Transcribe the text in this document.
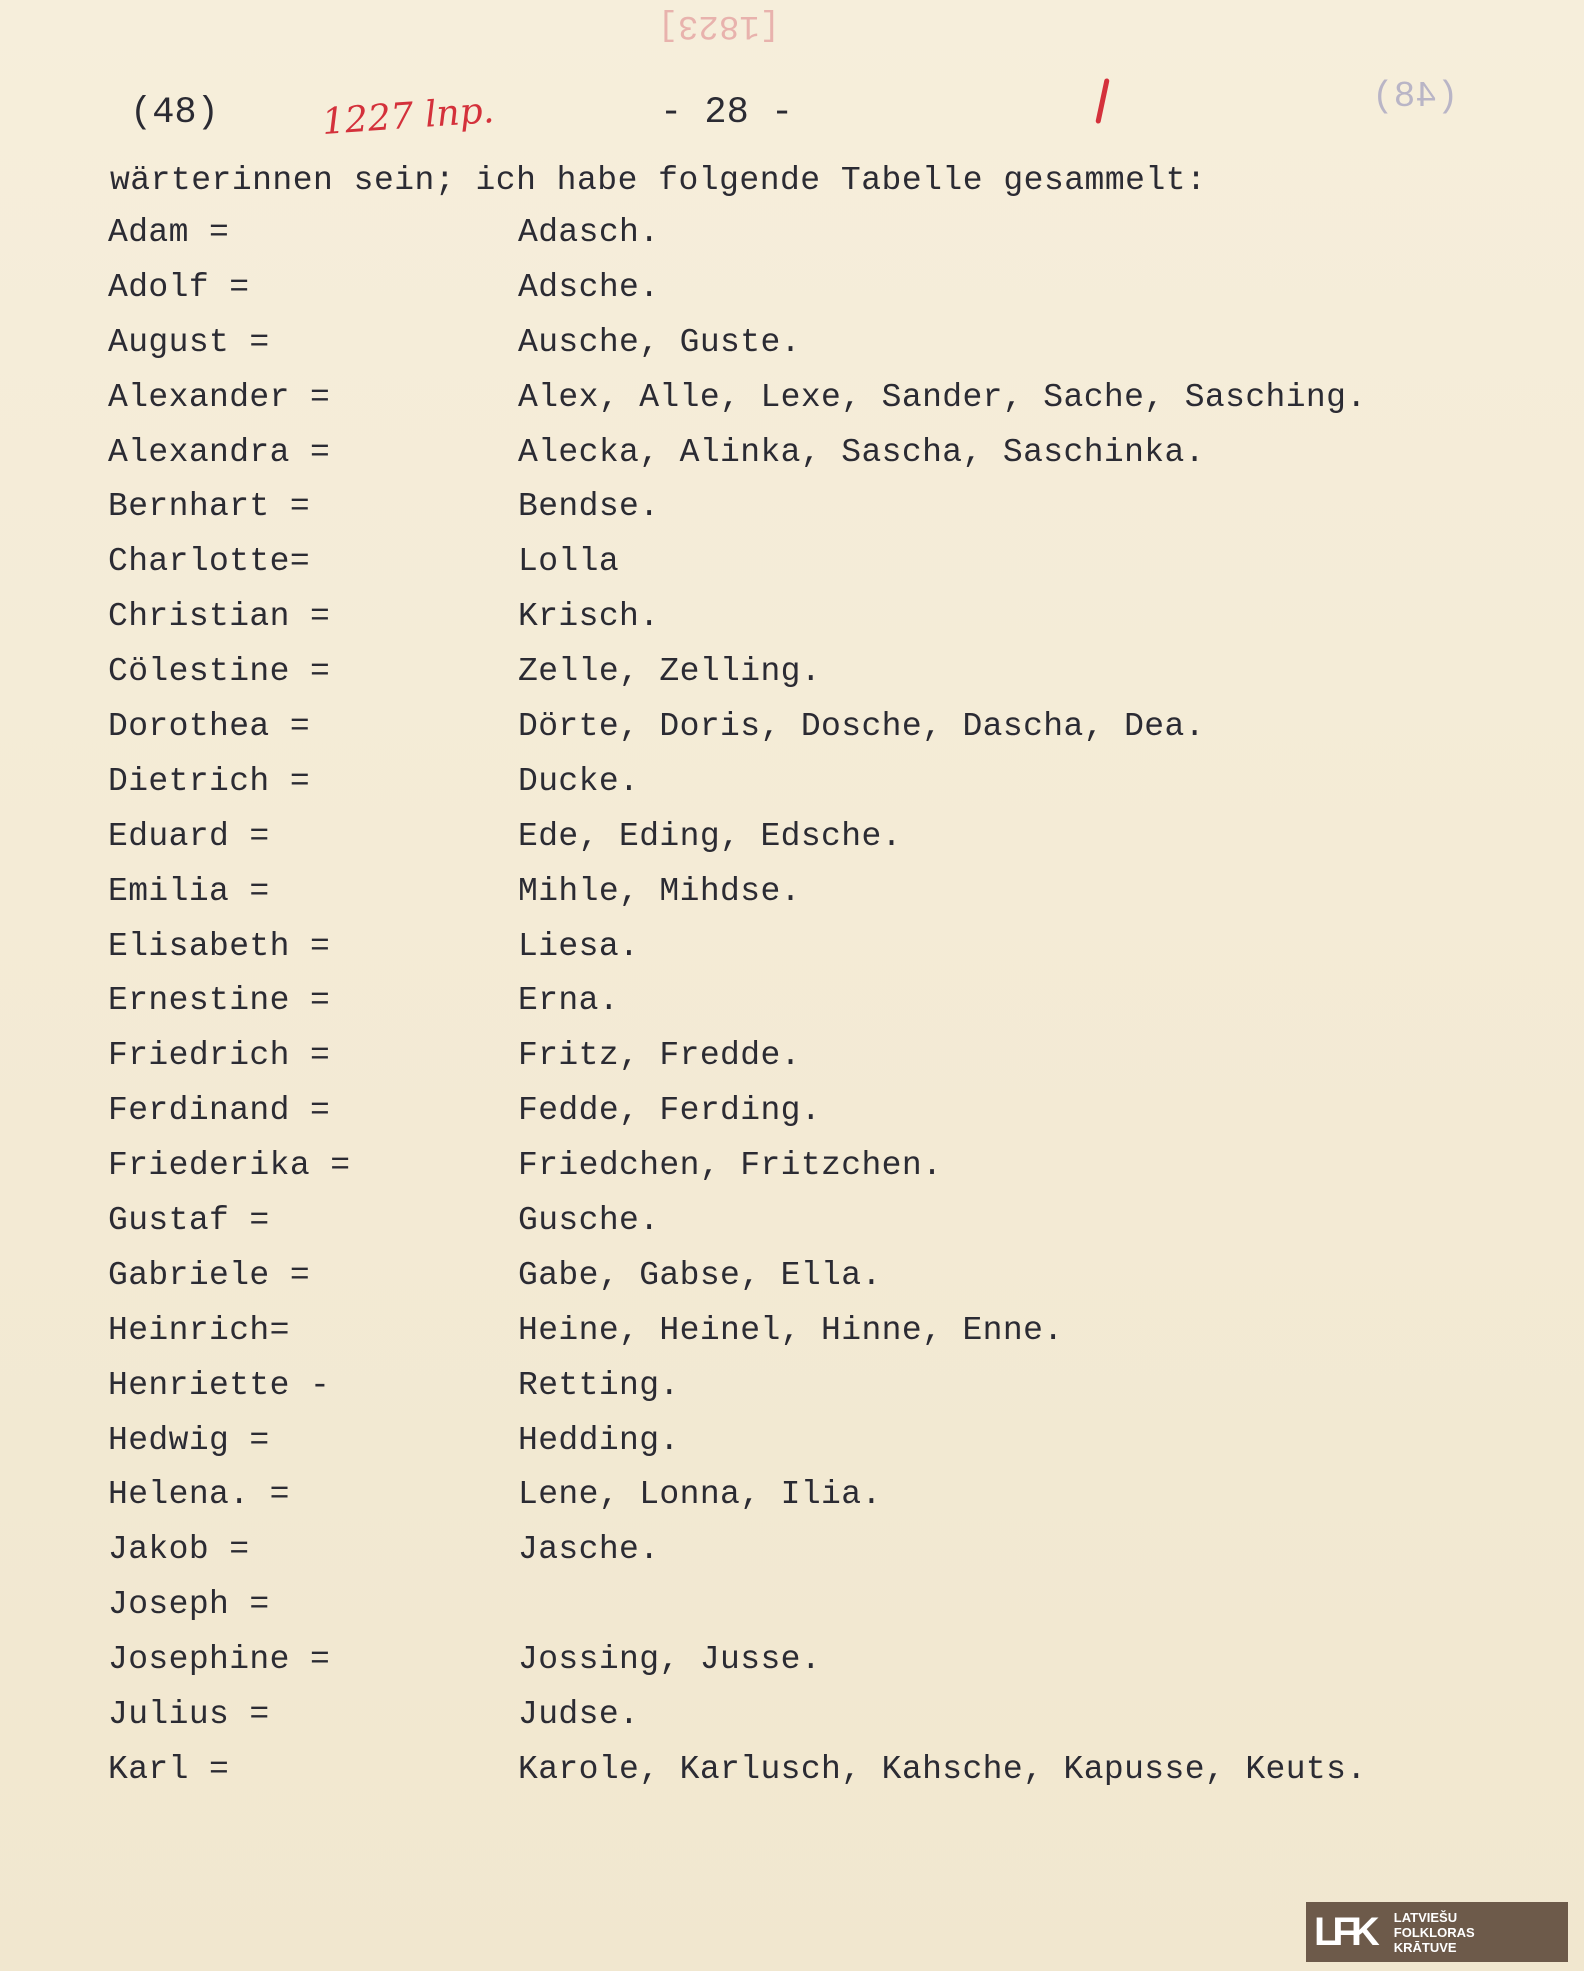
[1823]
(48)
(48)	1227 lnp.	- 28 -
wärterinnen sein; ich habe folgende Tabelle gesammelt:
Adam =	Adasch.
Adolf =	Adsche.
August =	Ausche, Guste.
Alexander =	Alex, Alle, Lexe, Sander, Sache, Sasching.
Alexandra =	Alecka, Alinka, Sascha, Saschinka.
Bernhart =	Bendse.
Charlotte=	Lolla
Christian =	Krisch.
Cölestine =	Zelle, Zelling.
Dorothea =	Dörte, Doris, Dosche, Dascha, Dea.
Dietrich =	Ducke.
Eduard =	Ede, Eding, Edsche.
Emilia =	Mihle, Mihdse.
Elisabeth =	Liesa.
Ernestine =	Erna.
Friedrich =	Fritz, Fredde.
Ferdinand =	Fedde, Ferding.
Friederika =	Friedchen, Fritzchen.
Gustaf =	Gusche.
Gabriele =	Gabe, Gabse, Ella.
Heinrich=	Heine, Heinel, Hinne, Enne.
Henriette -	Retting.
Hedwig =	Hedding.
Helena. =	Lene, Lonna, Ilia.
Jakob =	Jasche.
Joseph =
Josephine =	Jossing, Jusse.
Julius =	Judse.
Karl =	Karole, Karlusch, Kahsche, Kapusse, Keuts.
LFK	LATVIEŠU
FOLKLORAS
KRĀTUVE
